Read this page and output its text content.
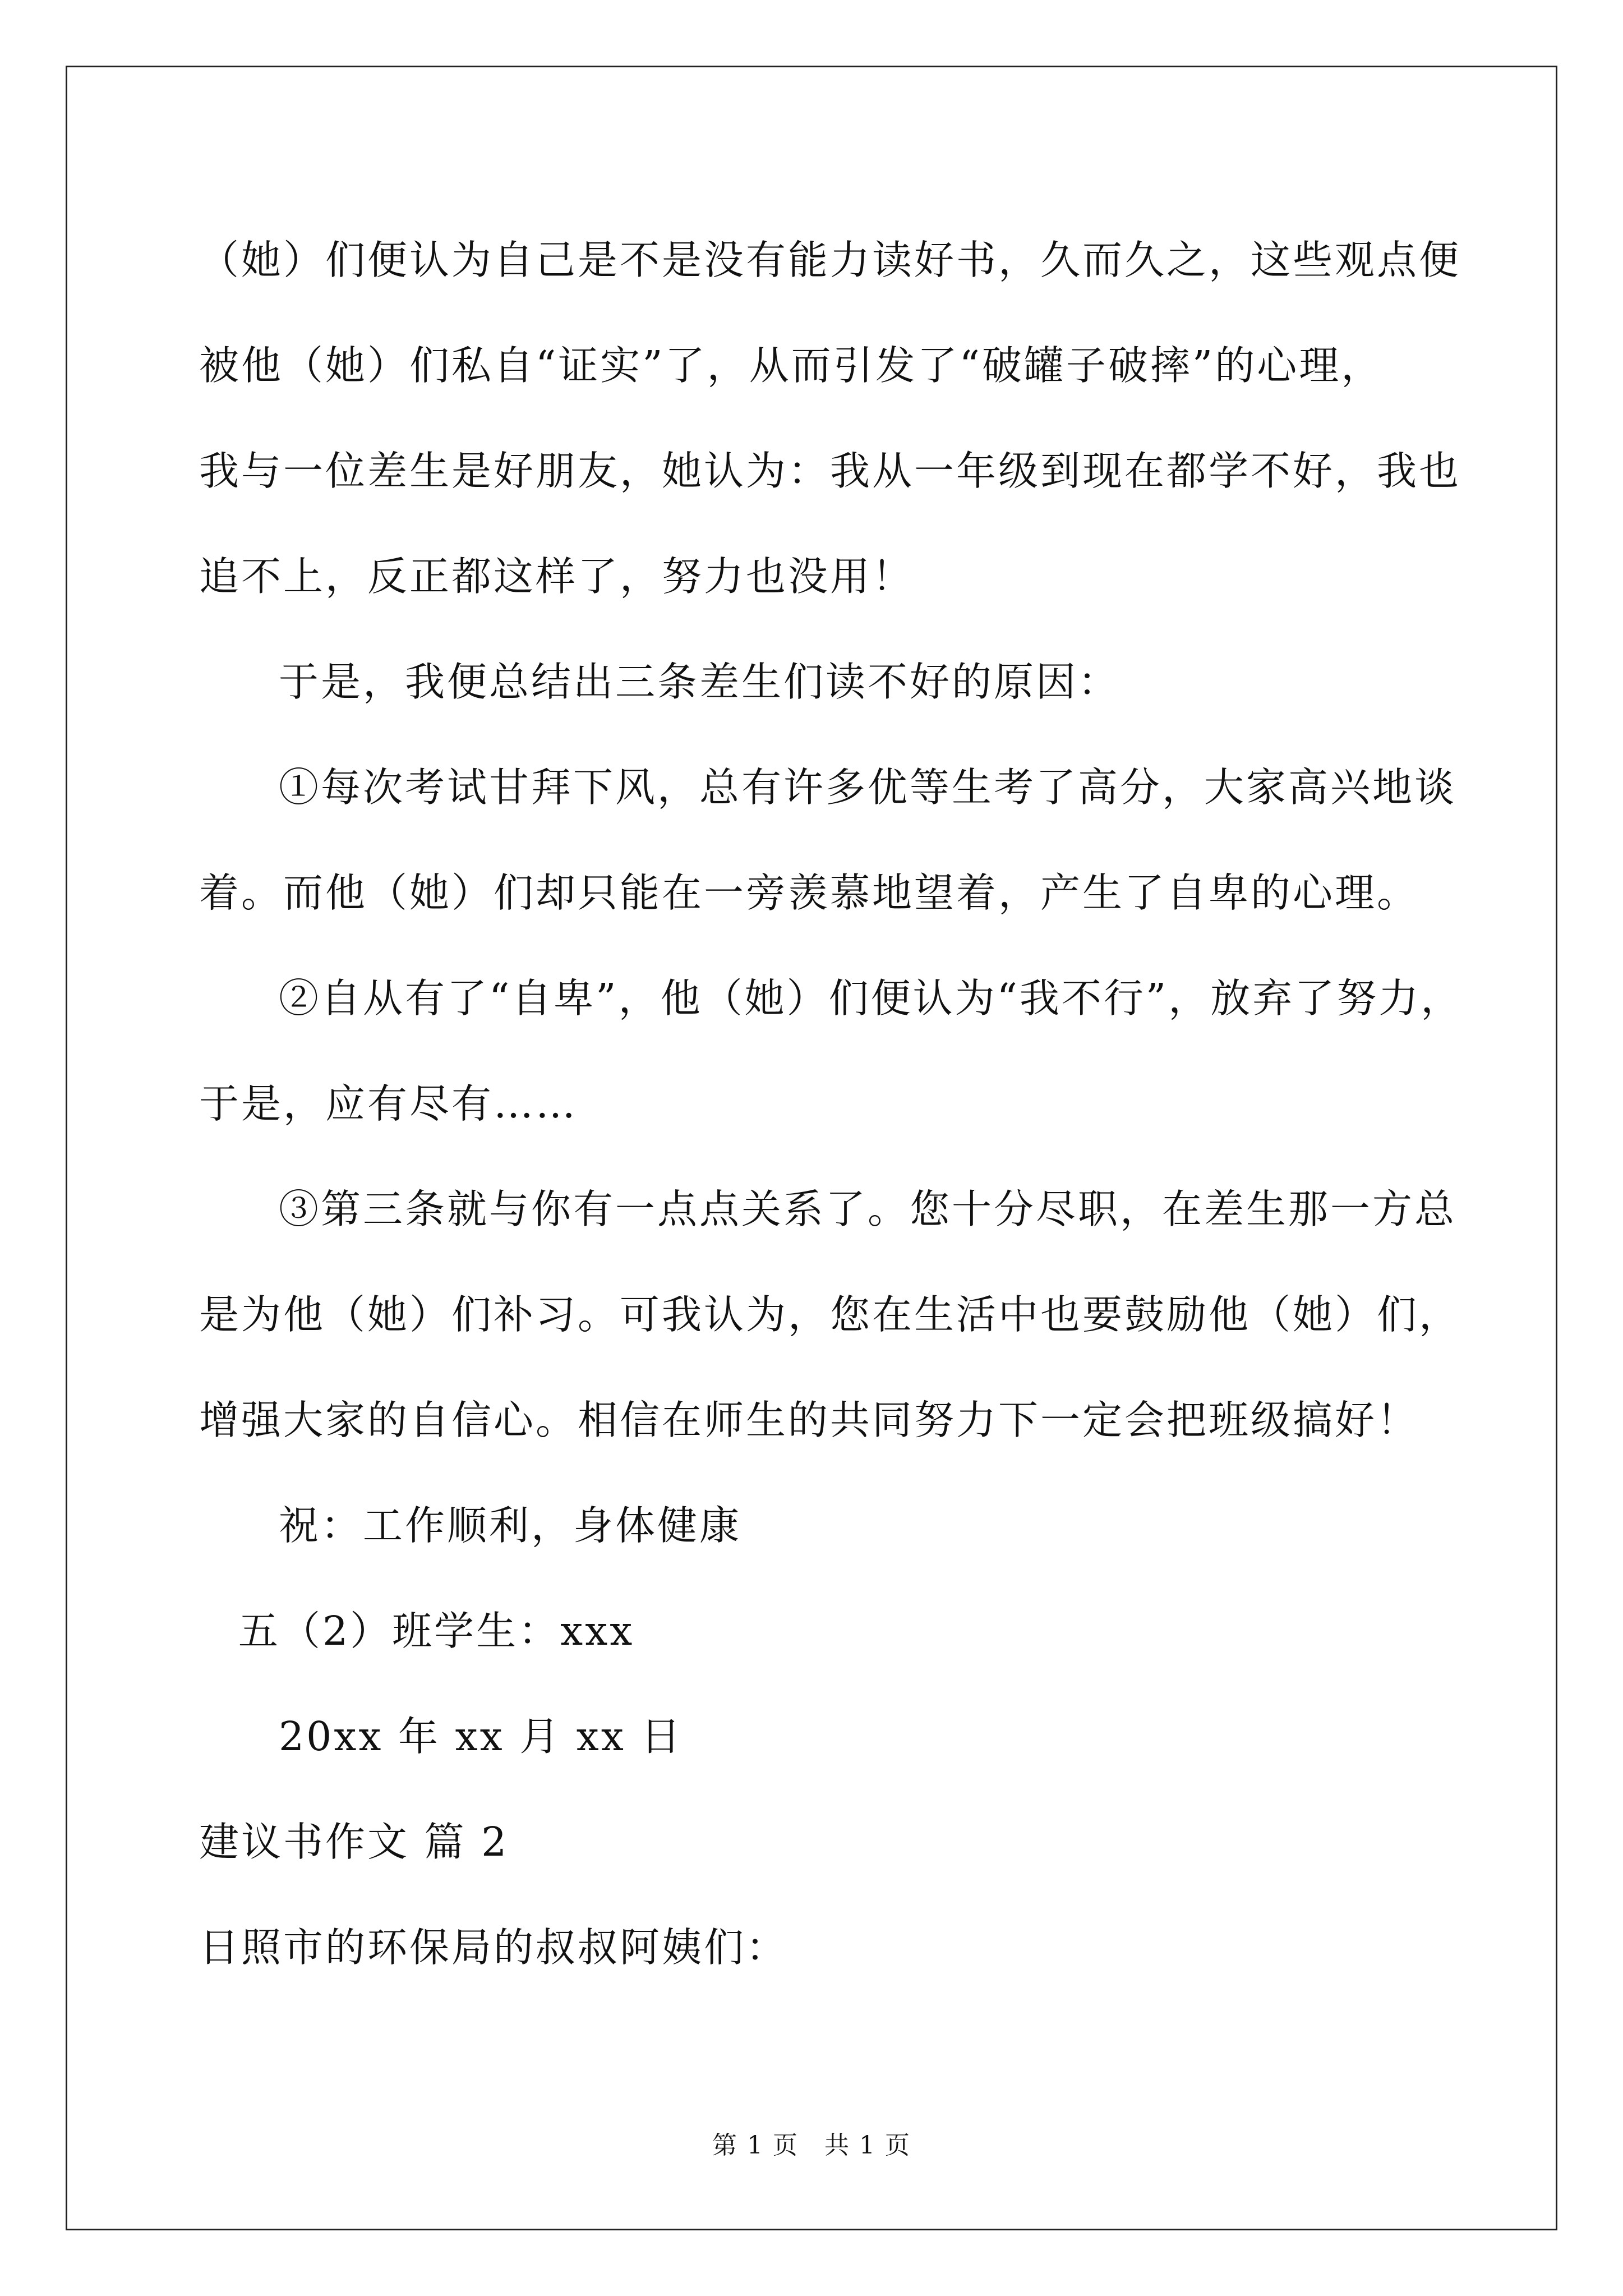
（她）们便认为自己是不是没有能力读好书，久而久之，这些观点便
被他（她）们私自“证实”了，从而引发了“破罐子破摔”的心理，
我与一位差生是好朋友，她认为：我从一年级到现在都学不好，我也
追不上，反正都这样了，努力也没用！
于是，我便总结出三条差生们读不好的原因：
①每次考试甘拜下风，总有许多优等生考了高分，大家高兴地谈
着。而他（她）们却只能在一旁羡慕地望着，产生了自卑的心理。
②自从有了“自卑”，他（她）们便认为“我不行”，放弃了努力，
于是，应有尽有……
③第三条就与你有一点点关系了。您十分尽职，在差生那一方总
是为他（她）们补习。可我认为，您在生活中也要鼓励他（她）们，
增强大家的自信心。相信在师生的共同努力下一定会把班级搞好！
祝：工作顺利，身体健康
五（2）班学生：xxx
20xx 年 xx 月 xx 日
建议书作文 篇 2
日照市的环保局的叔叔阿姨们：
第 1 页　共 1 页
